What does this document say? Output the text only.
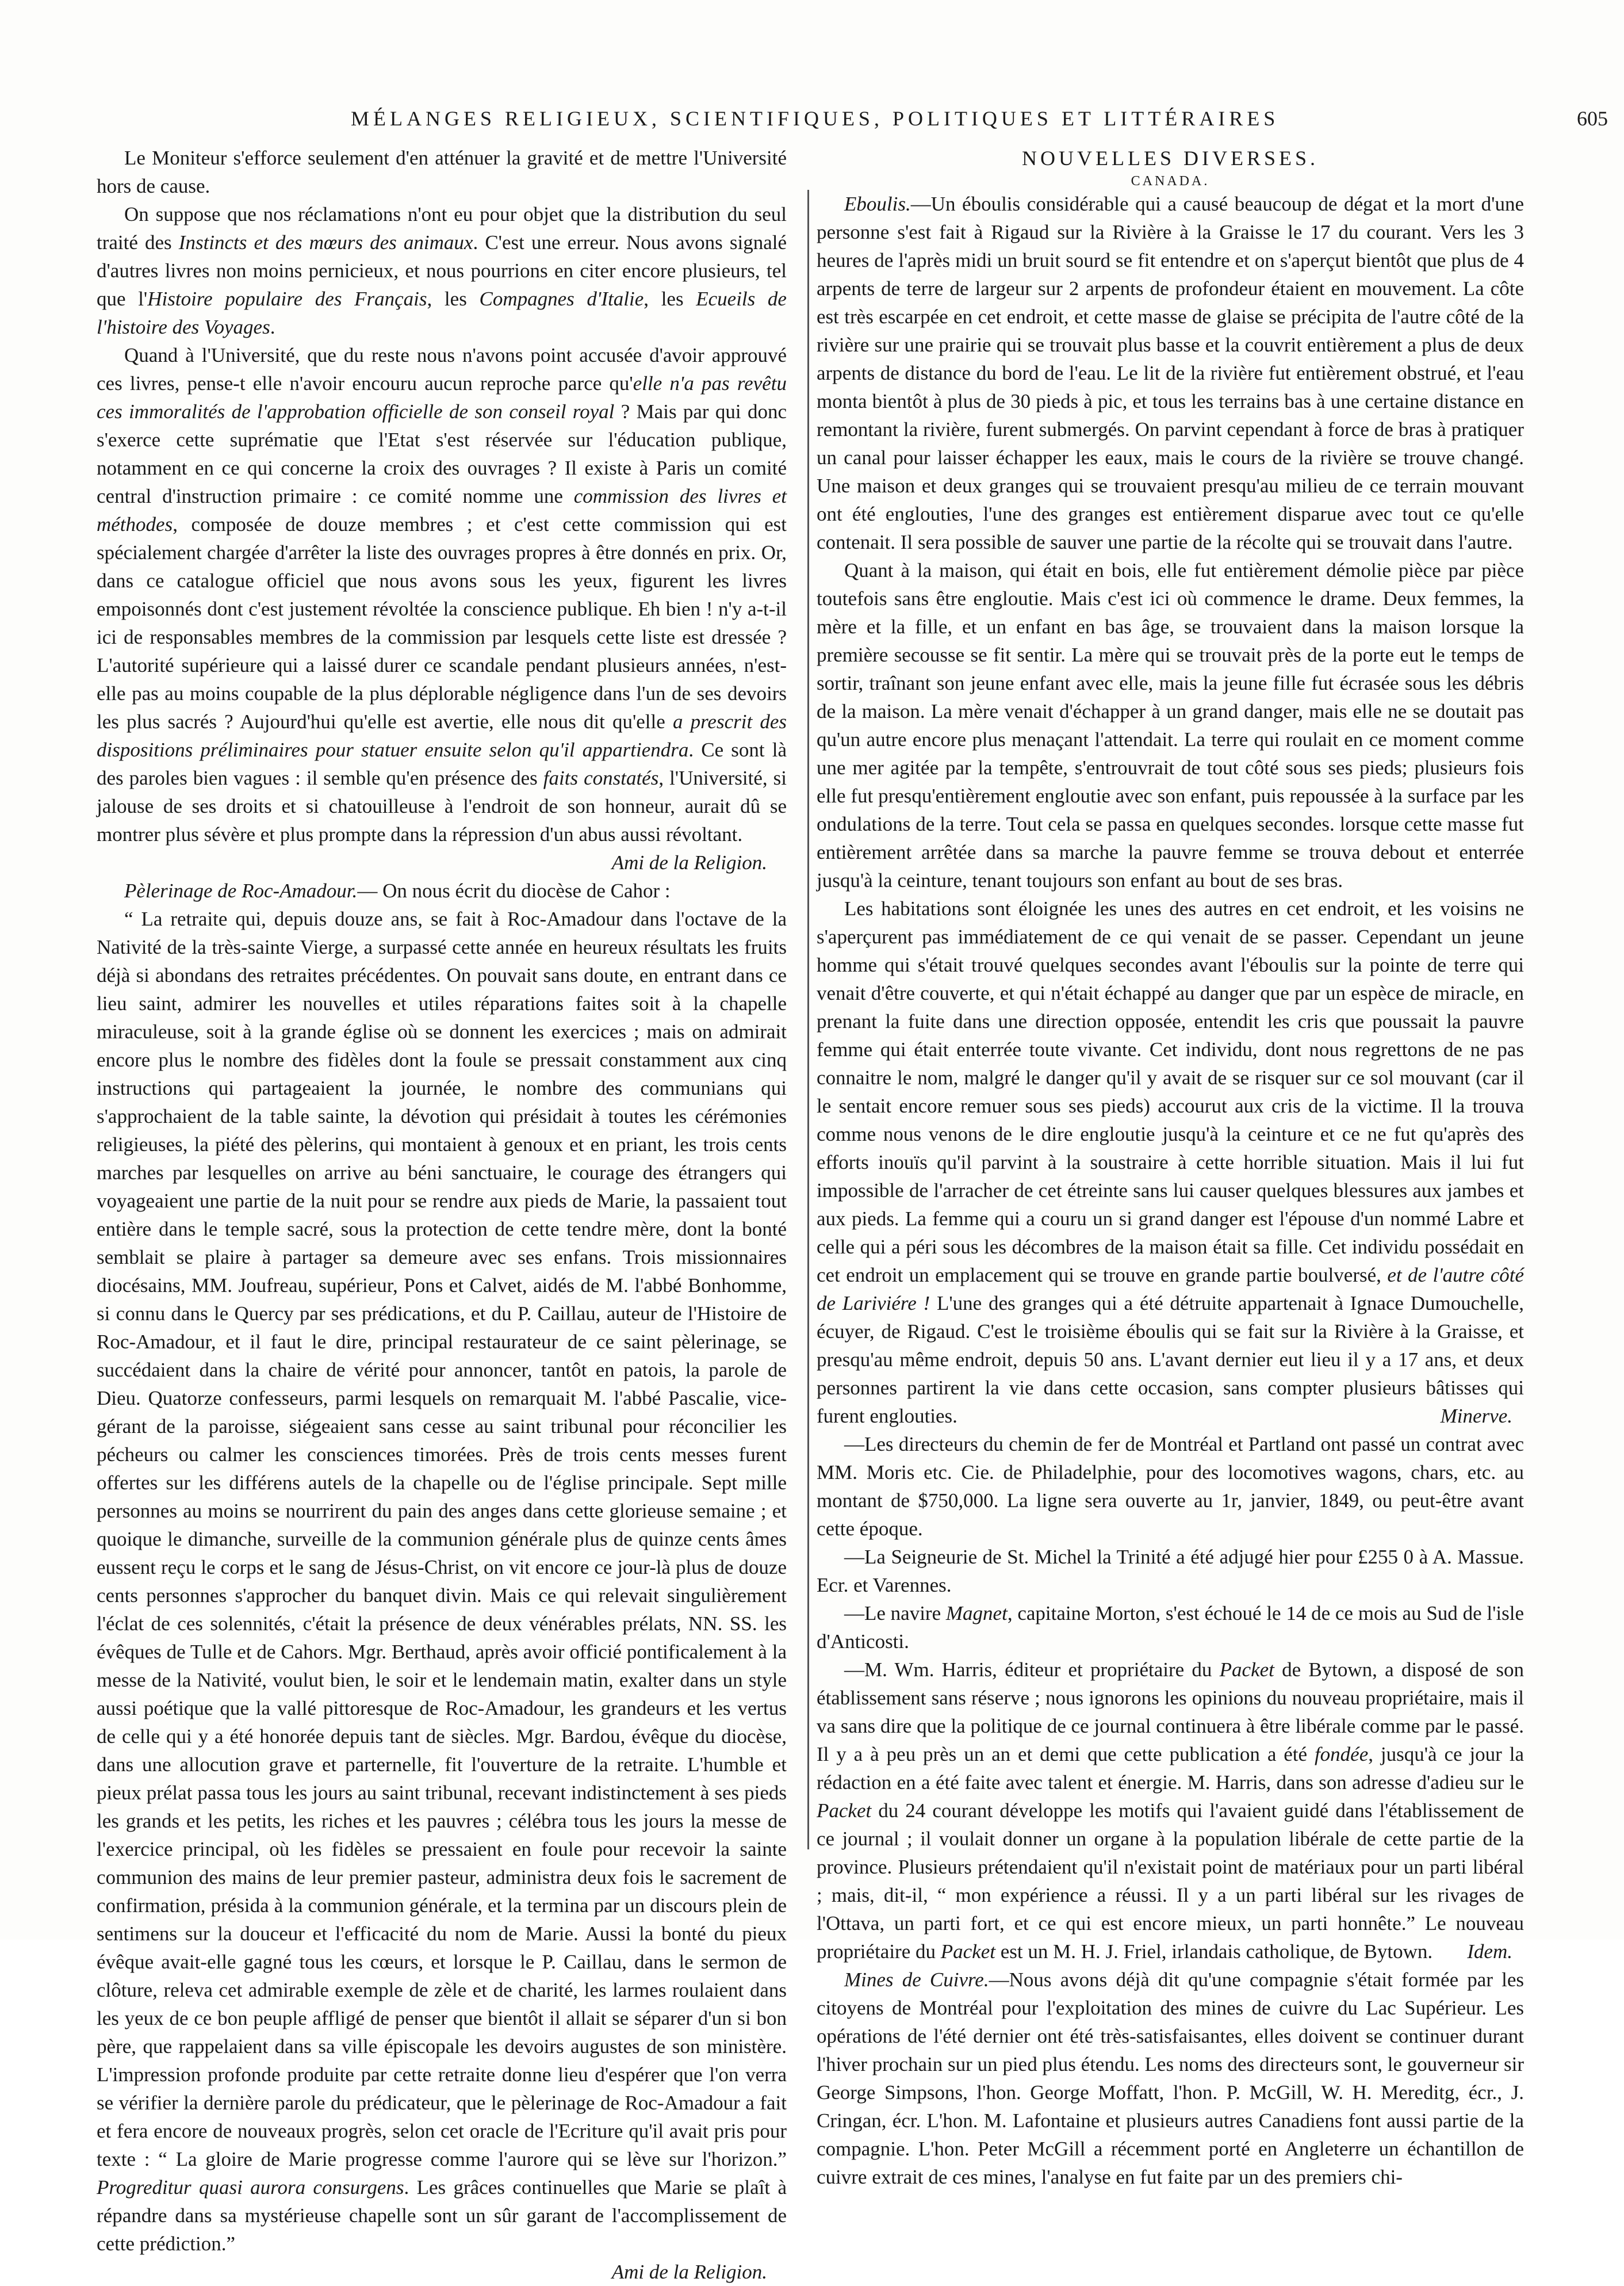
MÉLANGES RELIGIEUX, SCIENTIFIQUES, POLITIQUES ET LITTÉRAIRES	605

Le Moniteur s'efforce seulement d'en atténuer la gravité et de mettre l'Université hors de cause.

On suppose que nos réclamations n'ont eu pour objet que la distribution du seul traité des Instincts et des mœurs des animaux. C'est une erreur. Nous avons signalé d'autres livres non moins pernicieux, et nous pourrions en citer encore plusieurs, tel que l'Histoire populaire des Français, les Compagnes d'Italie, les Ecueils de l'histoire des Voyages.

Quand à l'Université, que du reste nous n'avons point accusée d'avoir approuvé ces livres, pense-t elle n'avoir encouru aucun reproche parce qu'elle n'a pas revêtu ces immoralités de l'approbation officielle de son conseil royal ? Mais par qui donc s'exerce cette suprématie que l'Etat s'est réservée sur l'éducation publique, notamment en ce qui concerne la croix des ouvrages ? Il existe à Paris un comité central d'instruction primaire : ce comité nomme une commission des livres et méthodes, composée de douze membres ; et c'est cette commission qui est spécialement chargée d'arrêter la liste des ouvrages propres à être donnés en prix. Or, dans ce catalogue officiel que nous avons sous les yeux, figurent les livres empoisonnés dont c'est justement révoltée la conscience publique. Eh bien ! n'y a-t-il ici de responsables membres de la commission par lesquels cette liste est dressée ? L'autorité supérieure qui a laissé durer ce scandale pendant plusieurs années, n'est-elle pas au moins coupable de la plus déplorable négligence dans l'un de ses devoirs les plus sacrés ? Aujourd'hui qu'elle est avertie, elle nous dit qu'elle a prescrit des dispositions préliminaires pour statuer ensuite selon qu'il appartiendra. Ce sont là des paroles bien vagues : il semble qu'en présence des faits constatés, l'Université, si jalouse de ses droits et si chatouilleuse à l'endroit de son honneur, aurait dû se montrer plus sévère et plus prompte dans la répression d'un abus aussi révoltant.

Ami de la Religion.

Pèlerinage de Roc-Amadour.— On nous écrit du diocèse de Cahor :

“ La retraite qui, depuis douze ans, se fait à Roc-Amadour dans l'octave de la Nativité de la très-sainte Vierge, a surpassé cette année en heureux résultats les fruits déjà si abondans des retraites précédentes. On pouvait sans doute, en entrant dans ce lieu saint, admirer les nouvelles et utiles réparations faites soit à la chapelle miraculeuse, soit à la grande église où se donnent les exercices ; mais on admirait encore plus le nombre des fidèles dont la foule se pressait constamment aux cinq instructions qui partageaient la journée, le nombre des communians qui s'approchaient de la table sainte, la dévotion qui présidait à toutes les cérémonies religieuses, la piété des pèlerins, qui montaient à genoux et en priant, les trois cents marches par lesquelles on arrive au béni sanctuaire, le courage des étrangers qui voyageaient une partie de la nuit pour se rendre aux pieds de Marie, la passaient tout entière dans le temple sacré, sous la protection de cette tendre mère, dont la bonté semblait se plaire à partager sa demeure avec ses enfans. Trois missionnaires diocésains, MM. Joufreau, supérieur, Pons et Calvet, aidés de M. l'abbé Bonhomme, si connu dans le Quercy par ses prédications, et du P. Caillau, auteur de l'Histoire de Roc-Amadour, et il faut le dire, principal restaurateur de ce saint pèlerinage, se succédaient dans la chaire de vérité pour annoncer, tantôt en patois, la parole de Dieu. Quatorze confesseurs, parmi lesquels on remarquait M. l'abbé Pascalie, vice-gérant de la paroisse, siégeaient sans cesse au saint tribunal pour réconcilier les pécheurs ou calmer les consciences timorées. Près de trois cents messes furent offertes sur les différens autels de la chapelle ou de l'église principale. Sept mille personnes au moins se nourrirent du pain des anges dans cette glorieuse semaine ; et quoique le dimanche, surveille de la communion générale plus de quinze cents âmes eussent reçu le corps et le sang de Jésus-Christ, on vit encore ce jour-là plus de douze cents personnes s'approcher du banquet divin. Mais ce qui relevait singulièrement l'éclat de ces solennités, c'était la présence de deux vénérables prélats, NN. SS. les évêques de Tulle et de Cahors. Mgr. Berthaud, après avoir officié pontificalement à la messe de la Nativité, voulut bien, le soir et le lendemain matin, exalter dans un style aussi poétique que la vallé pittoresque de Roc-Amadour, les grandeurs et les vertus de celle qui y a été honorée depuis tant de siècles. Mgr. Bardou, évêque du diocèse, dans une allocution grave et parternelle, fit l'ouverture de la retraite. L'humble et pieux prélat passa tous les jours au saint tribunal, recevant indistinctement à ses pieds les grands et les petits, les riches et les pauvres ; célébra tous les jours la messe de l'exercice principal, où les fidèles se pressaient en foule pour recevoir la sainte communion des mains de leur premier pasteur, administra deux fois le sacrement de confirmation, présida à la communion générale, et la termina par un discours plein de sentimens sur la douceur et l'efficacité du nom de Marie. Aussi la bonté du pieux évêque avait-elle gagné tous les cœurs, et lorsque le P. Caillau, dans le sermon de clôture, releva cet admirable exemple de zèle et de charité, les larmes roulaient dans les yeux de ce bon peuple affligé de penser que bientôt il allait se séparer d'un si bon père, que rappelaient dans sa ville épiscopale les devoirs augustes de son ministère. L'impression profonde produite par cette retraite donne lieu d'espérer que l'on verra se vérifier la dernière parole du prédicateur, que le pèlerinage de Roc-Amadour a fait et fera encore de nouveaux progrès, selon cet oracle de l'Ecriture qu'il avait pris pour texte : “ La gloire de Marie progresse comme l'aurore qui se lève sur l'horizon.” Progreditur quasi aurora consurgens. Les grâces continuelles que Marie se plaît à répandre dans sa mystérieuse chapelle sont un sûr garant de l'accomplissement de cette prédiction.”

Ami de la Religion.

NOUVELLES DIVERSES.

CANADA.

Eboulis.—Un éboulis considérable qui a causé beaucoup de dégat et la mort d'une personne s'est fait à Rigaud sur la Rivière à la Graisse le 17 du courant. Vers les 3 heures de l'après midi un bruit sourd se fit entendre et on s'aperçut bientôt que plus de 4 arpents de terre de largeur sur 2 arpents de profondeur étaient en mouvement. La côte est très escarpée en cet endroit, et cette masse de glaise se précipita de l'autre côté de la rivière sur une prairie qui se trouvait plus basse et la couvrit entièrement a plus de deux arpents de distance du bord de l'eau. Le lit de la rivière fut entièrement obstrué, et l'eau monta bientôt à plus de 30 pieds à pic, et tous les terrains bas à une certaine distance en remontant la rivière, furent submergés. On parvint cependant à force de bras à pratiquer un canal pour laisser échapper les eaux, mais le cours de la rivière se trouve changé. Une maison et deux granges qui se trouvaient presqu'au milieu de ce terrain mouvant ont été englouties, l'une des granges est entièrement disparue avec tout ce qu'elle contenait. Il sera possible de sauver une partie de la récolte qui se trouvait dans l'autre.

Quant à la maison, qui était en bois, elle fut entièrement démolie pièce par pièce toutefois sans être engloutie. Mais c'est ici où commence le drame. Deux femmes, la mère et la fille, et un enfant en bas âge, se trouvaient dans la maison lorsque la première secousse se fit sentir. La mère qui se trouvait près de la porte eut le temps de sortir, traînant son jeune enfant avec elle, mais la jeune fille fut écrasée sous les débris de la maison. La mère venait d'échapper à un grand danger, mais elle ne se doutait pas qu'un autre encore plus menaçant l'attendait. La terre qui roulait en ce moment comme une mer agitée par la tempête, s'entrouvrait de tout côté sous ses pieds; plusieurs fois elle fut presqu'entièrement engloutie avec son enfant, puis repoussée à la surface par les ondulations de la terre. Tout cela se passa en quelques secondes. lorsque cette masse fut entièrement arrêtée dans sa marche la pauvre femme se trouva debout et enterrée jusqu'à la ceinture, tenant toujours son enfant au bout de ses bras.

Les habitations sont éloignée les unes des autres en cet endroit, et les voisins ne s'aperçurent pas immédiatement de ce qui venait de se passer. Cependant un jeune homme qui s'était trouvé quelques secondes avant l'éboulis sur la pointe de terre qui venait d'être couverte, et qui n'était échappé au danger que par un espèce de miracle, en prenant la fuite dans une direction opposée, entendit les cris que poussait la pauvre femme qui était enterrée toute vivante. Cet individu, dont nous regrettons de ne pas connaitre le nom, malgré le danger qu'il y avait de se risquer sur ce sol mouvant (car il le sentait encore remuer sous ses pieds) accourut aux cris de la victime. Il la trouva comme nous venons de le dire engloutie jusqu'à la ceinture et ce ne fut qu'après des efforts inouïs qu'il parvint à la soustraire à cette horrible situation. Mais il lui fut impossible de l'arracher de cet étreinte sans lui causer quelques blessures aux jambes et aux pieds. La femme qui a couru un si grand danger est l'épouse d'un nommé Labre et celle qui a péri sous les décombres de la maison était sa fille. Cet individu possédait en cet endroit un emplacement qui se trouve en grande partie boulversé, et de l'autre côté de Lariviére ! L'une des granges qui a été détruite appartenait à Ignace Dumouchelle, écuyer, de Rigaud. C'est le troisième éboulis qui se fait sur la Rivière à la Graisse, et presqu'au même endroit, depuis 50 ans. L'avant dernier eut lieu il y a 17 ans, et deux personnes partirent la vie dans cette occasion, sans compter plusieurs bâtisses qui furent englouties.	Minerve.

—Les directeurs du chemin de fer de Montréal et Partland ont passé un contrat avec MM. Moris etc. Cie. de Philadelphie, pour des locomotives wagons, chars, etc. au montant de $750,000. La ligne sera ouverte au 1r, janvier, 1849, ou peut-être avant cette époque.

—La Seigneurie de St. Michel la Trinité a été adjugé hier pour £255 0 à A. Massue. Ecr. et Varennes.

—Le navire Magnet, capitaine Morton, s'est échoué le 14 de ce mois au Sud de l'isle d'Anticosti.

—M. Wm. Harris, éditeur et propriétaire du Packet de Bytown, a disposé de son établissement sans réserve ; nous ignorons les opinions du nouveau propriétaire, mais il va sans dire que la politique de ce journal continuera à être libérale comme par le passé. Il y a à peu près un an et demi que cette publication a été fondée, jusqu'à ce jour la rédaction en a été faite avec talent et énergie. M. Harris, dans son adresse d'adieu sur le Packet du 24 courant développe les motifs qui l'avaient guidé dans l'établissement de ce journal ; il voulait donner un organe à la population libérale de cette partie de la province. Plusieurs prétendaient qu'il n'existait point de matériaux pour un parti libéral ; mais, dit-il, “ mon expérience a réussi. Il y a un parti libéral sur les rivages de l'Ottava, un parti fort, et ce qui est encore mieux, un parti honnête.” Le nouveau propriétaire du Packet est un M. H. J. Friel, irlandais catholique, de Bytown.	Idem.

Mines de Cuivre.—Nous avons déjà dit qu'une compagnie s'était formée par les citoyens de Montréal pour l'exploitation des mines de cuivre du Lac Supérieur. Les opérations de l'été dernier ont été très-satisfaisantes, elles doivent se continuer durant l'hiver prochain sur un pied plus étendu. Les noms des directeurs sont, le gouverneur sir George Simpsons, l'hon. George Moffatt, l'hon. P. McGill, W. H. Mereditg, écr., J. Cringan, écr. L'hon. M. Lafontaine et plusieurs autres Canadiens font aussi partie de la compagnie. L'hon. Peter McGill a récemment porté en Angleterre un échantillon de cuivre extrait de ces mines, l'analyse en fut faite par un des premiers chi-
